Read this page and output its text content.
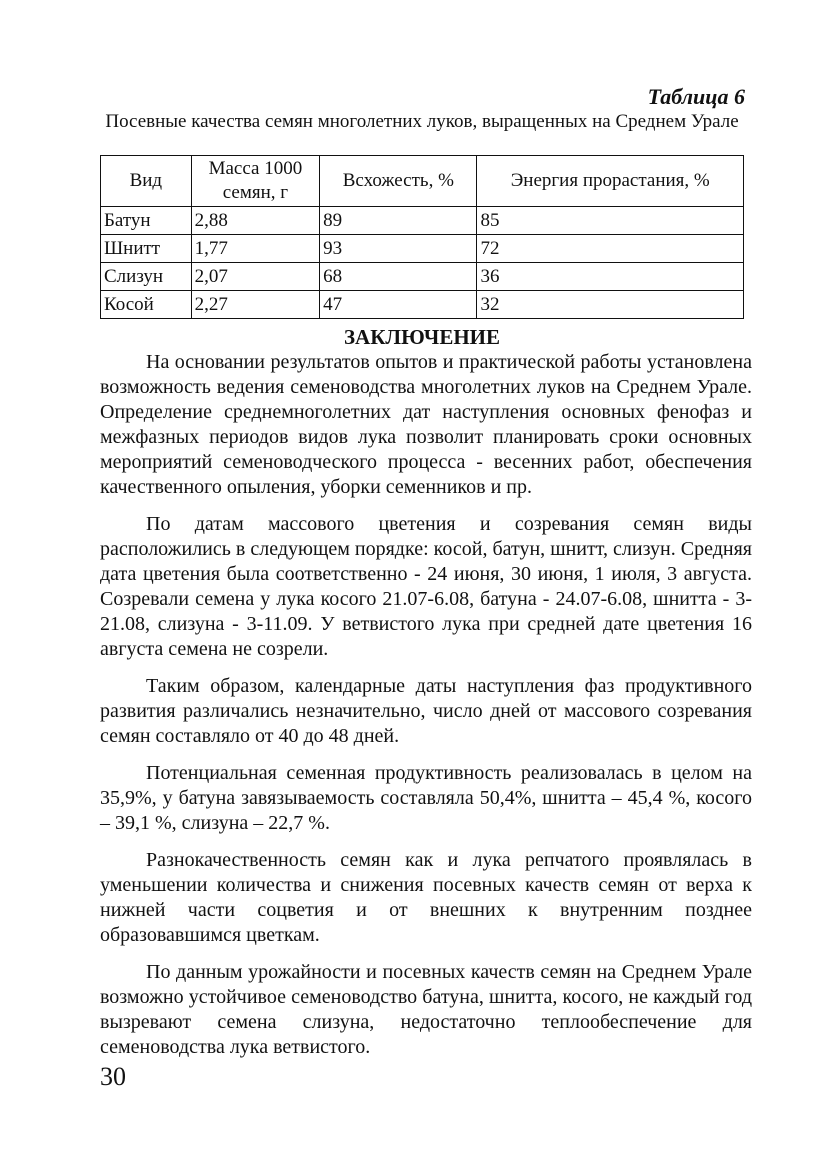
Таблица 6

Посевные качества семян многолетних луков, выращенных на Среднем Урале

Вид	Масса 1000 семян, г	Всхожесть, %	Энергия прорастания, %
Батун	2,88	89	85
Шнитт	1,77	93	72
Слизун	2,07	68	36
Косой	2,27	47	32
ЗАКЛЮЧЕНИЕ

На основании результатов опытов и практической работы установлена возможность ведения семеноводства многолетних луков на Среднем Урале. Определение среднемноголетних дат наступления основных фенофаз и межфазных периодов видов лука позволит планировать сроки основных мероприятий семеноводческого процесса - весенних работ, обеспечения качественного опыления, уборки семенников и пр.

По датам массового цветения и созревания семян виды расположились в следующем порядке: косой, батун, шнитт, слизун. Средняя дата цветения была соответственно - 24 июня, 30 июня, 1 июля, 3 августа. Созревали семена у лука косого 21.07-6.08, батуна - 24.07-6.08, шнитта - 3-21.08, слизуна - 3-11.09. У ветвистого лука при средней дате цветения 16 августа семена не созрели.

Таким образом, календарные даты наступления фаз продуктивного развития различались незначительно, число дней от массового созревания семян составляло от 40 до 48 дней.

Потенциальная семенная продуктивность реализовалась в целом на 35,9%, у батуна завязываемость составляла 50,4%, шнитта – 45,4 %, косого – 39,1 %, слизуна – 22,7 %.

Разнокачественность семян как и лука репчатого проявлялась в уменьшении количества и снижения посевных качеств семян от верха к нижней части соцветия и от внешних к внутренним позднее образовавшимся цветкам.

По данным урожайности и посевных качеств семян на Среднем Урале возможно устойчивое семеноводство батуна, шнитта, косого, не каждый год вызревают семена слизуна, недостаточно теплообеспечение для семеноводства лука ветвистого.

30
